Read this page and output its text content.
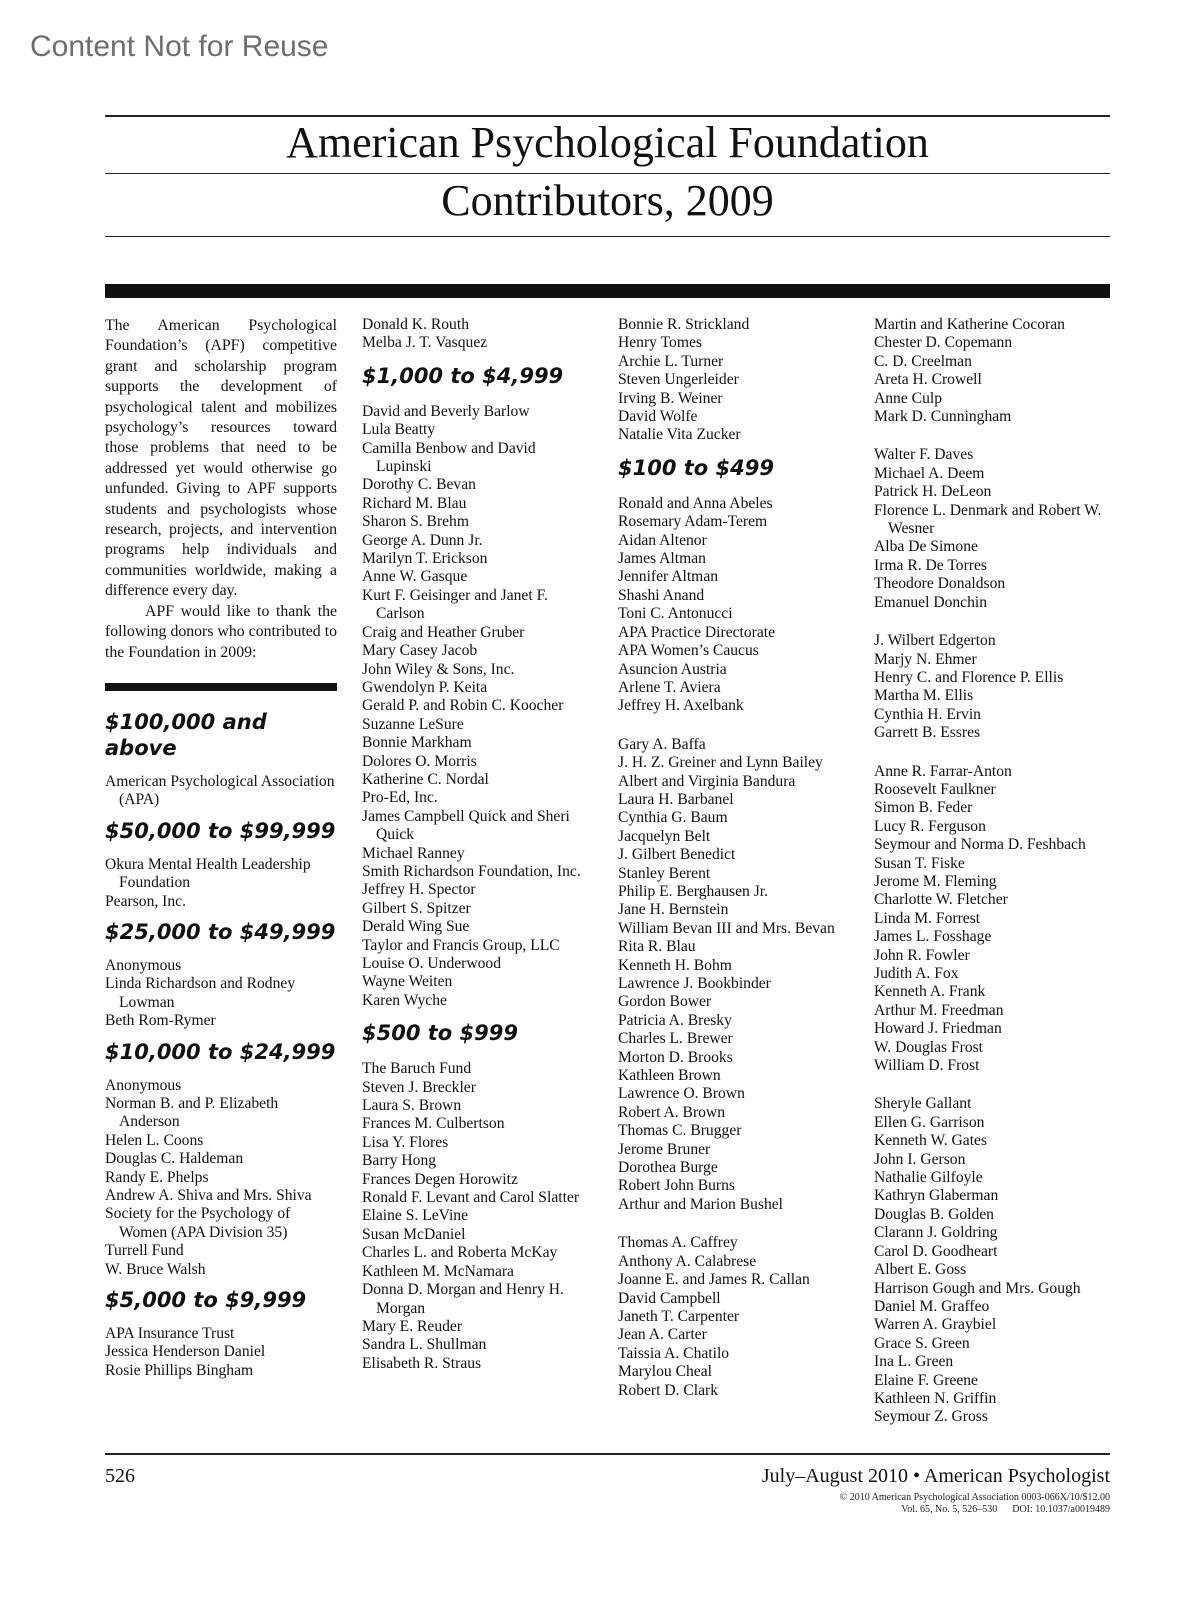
Content Not for Reuse
American Psychological Foundation
Contributors, 2009

The American Psychological Foundation’s (APF) competitive grant and scholarship program supports the development of psychological talent and mobilizes psychology’s resources toward those problems that need to be addressed yet would otherwise go unfunded. Giving to APF supports students and psychologists whose research, projects, and intervention programs help individuals and communities worldwide, making a difference every day.

APF would like to thank the following donors who contributed to the Foundation in 2009:

$100,000 and above
American Psychological Association (APA)
$50,000 to $99,999
Okura Mental Health Leadership Foundation
Pearson, Inc.
$25,000 to $49,999
Anonymous
Linda Richardson and Rodney Lowman
Beth Rom-Rymer
$10,000 to $24,999
Anonymous
Norman B. and P. Elizabeth Anderson
Helen L. Coons
Douglas C. Haldeman
Randy E. Phelps
Andrew A. Shiva and Mrs. Shiva
Society for the Psychology of Women (APA Division 35)
Turrell Fund
W. Bruce Walsh
$5,000 to $9,999
APA Insurance Trust
Jessica Henderson Daniel
Rosie Phillips Bingham
Donald K. Routh
Melba J. T. Vasquez
$1,000 to $4,999
David and Beverly Barlow
Lula Beatty
Camilla Benbow and David Lupinski
Dorothy C. Bevan
Richard M. Blau
Sharon S. Brehm
George A. Dunn Jr.
Marilyn T. Erickson
Anne W. Gasque
Kurt F. Geisinger and Janet F. Carlson
Craig and Heather Gruber
Mary Casey Jacob
John Wiley & Sons, Inc.
Gwendolyn P. Keita
Gerald P. and Robin C. Koocher
Suzanne LeSure
Bonnie Markham
Dolores O. Morris
Katherine C. Nordal
Pro-Ed, Inc.
James Campbell Quick and Sheri Quick
Michael Ranney
Smith Richardson Foundation, Inc.
Jeffrey H. Spector
Gilbert S. Spitzer
Derald Wing Sue
Taylor and Francis Group, LLC
Louise O. Underwood
Wayne Weiten
Karen Wyche
$500 to $999
The Baruch Fund
Steven J. Breckler
Laura S. Brown
Frances M. Culbertson
Lisa Y. Flores
Barry Hong
Frances Degen Horowitz
Ronald F. Levant and Carol Slatter
Elaine S. LeVine
Susan McDaniel
Charles L. and Roberta McKay
Kathleen M. McNamara
Donna D. Morgan and Henry H. Morgan
Mary E. Reuder
Sandra L. Shullman
Elisabeth R. Straus
Bonnie R. Strickland
Henry Tomes
Archie L. Turner
Steven Ungerleider
Irving B. Weiner
David Wolfe
Natalie Vita Zucker
$100 to $499
Ronald and Anna Abeles
Rosemary Adam-Terem
Aidan Altenor
James Altman
Jennifer Altman
Shashi Anand
Toni C. Antonucci
APA Practice Directorate
APA Women’s Caucus
Asuncion Austria
Arlene T. Aviera
Jeffrey H. Axelbank
Gary A. Baffa
J. H. Z. Greiner and Lynn Bailey
Albert and Virginia Bandura
Laura H. Barbanel
Cynthia G. Baum
Jacquelyn Belt
J. Gilbert Benedict
Stanley Berent
Philip E. Berghausen Jr.
Jane H. Bernstein
William Bevan III and Mrs. Bevan
Rita R. Blau
Kenneth H. Bohm
Lawrence J. Bookbinder
Gordon Bower
Patricia A. Bresky
Charles L. Brewer
Morton D. Brooks
Kathleen Brown
Lawrence O. Brown
Robert A. Brown
Thomas C. Brugger
Jerome Bruner
Dorothea Burge
Robert John Burns
Arthur and Marion Bushel
Thomas A. Caffrey
Anthony A. Calabrese
Joanne E. and James R. Callan
David Campbell
Janeth T. Carpenter
Jean A. Carter
Taissia A. Chatilo
Marylou Cheal
Robert D. Clark
Martin and Katherine Cocoran
Chester D. Copemann
C. D. Creelman
Areta H. Crowell
Anne Culp
Mark D. Cunningham
Walter F. Daves
Michael A. Deem
Patrick H. DeLeon
Florence L. Denmark and Robert W. Wesner
Alba De Simone
Irma R. De Torres
Theodore Donaldson
Emanuel Donchin
J. Wilbert Edgerton
Marjy N. Ehmer
Henry C. and Florence P. Ellis
Martha M. Ellis
Cynthia H. Ervin
Garrett B. Essres
Anne R. Farrar-Anton
Roosevelt Faulkner
Simon B. Feder
Lucy R. Ferguson
Seymour and Norma D. Feshbach
Susan T. Fiske
Jerome M. Fleming
Charlotte W. Fletcher
Linda M. Forrest
James L. Fosshage
John R. Fowler
Judith A. Fox
Kenneth A. Frank
Arthur M. Freedman
Howard J. Friedman
W. Douglas Frost
William D. Frost
Sheryle Gallant
Ellen G. Garrison
Kenneth W. Gates
John I. Gerson
Nathalie Gilfoyle
Kathryn Glaberman
Douglas B. Golden
Clarann J. Goldring
Carol D. Goodheart
Albert E. Goss
Harrison Gough and Mrs. Gough
Daniel M. Graffeo
Warren A. Graybiel
Grace S. Green
Ina L. Green
Elaine F. Greene
Kathleen N. Griffin
Seymour Z. Gross
526	July–August 2010 • American Psychologist
© 2010 American Psychological Association 0003-066X/10/$12.00
Vol. 65, No. 5, 526–530      DOI: 10.1037/a0019489
